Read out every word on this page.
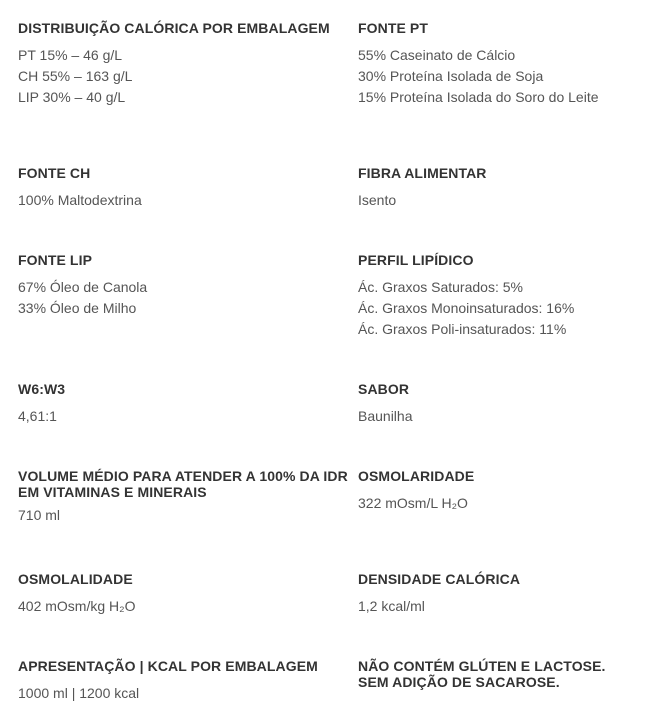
DISTRIBUIÇÃO CALÓRICA POR EMBALAGEM
PT 15% – 46 g/L
CH 55% – 163 g/L
LIP 30% – 40 g/L
FONTE PT
55% Caseinato de Cálcio
30% Proteína Isolada de Soja
15% Proteína Isolada do Soro do Leite
FONTE CH
100% Maltodextrina
FIBRA ALIMENTAR
Isento
FONTE LIP
67% Óleo de Canola
33% Óleo de Milho
PERFIL LIPÍDICO
Ác. Graxos Saturados: 5%
Ác. Graxos Monoinsaturados: 16%
Ác. Graxos Poli-insaturados: 11%
W6:W3
4,61:1
SABOR
Baunilha
VOLUME MÉDIO PARA ATENDER A 100% DA IDR EM VITAMINAS E MINERAIS
710 ml
OSMOLARIDADE
322 mOsm/L H₂O
OSMOLALIDADE
402 mOsm/kg H₂O
DENSIDADE CALÓRICA
1,2 kcal/ml
APRESENTAÇÃO | KCAL POR EMBALAGEM
1000 ml | 1200 kcal
NÃO CONTÉM GLÚTEN E LACTOSE. SEM ADIÇÃO DE SACAROSE.
